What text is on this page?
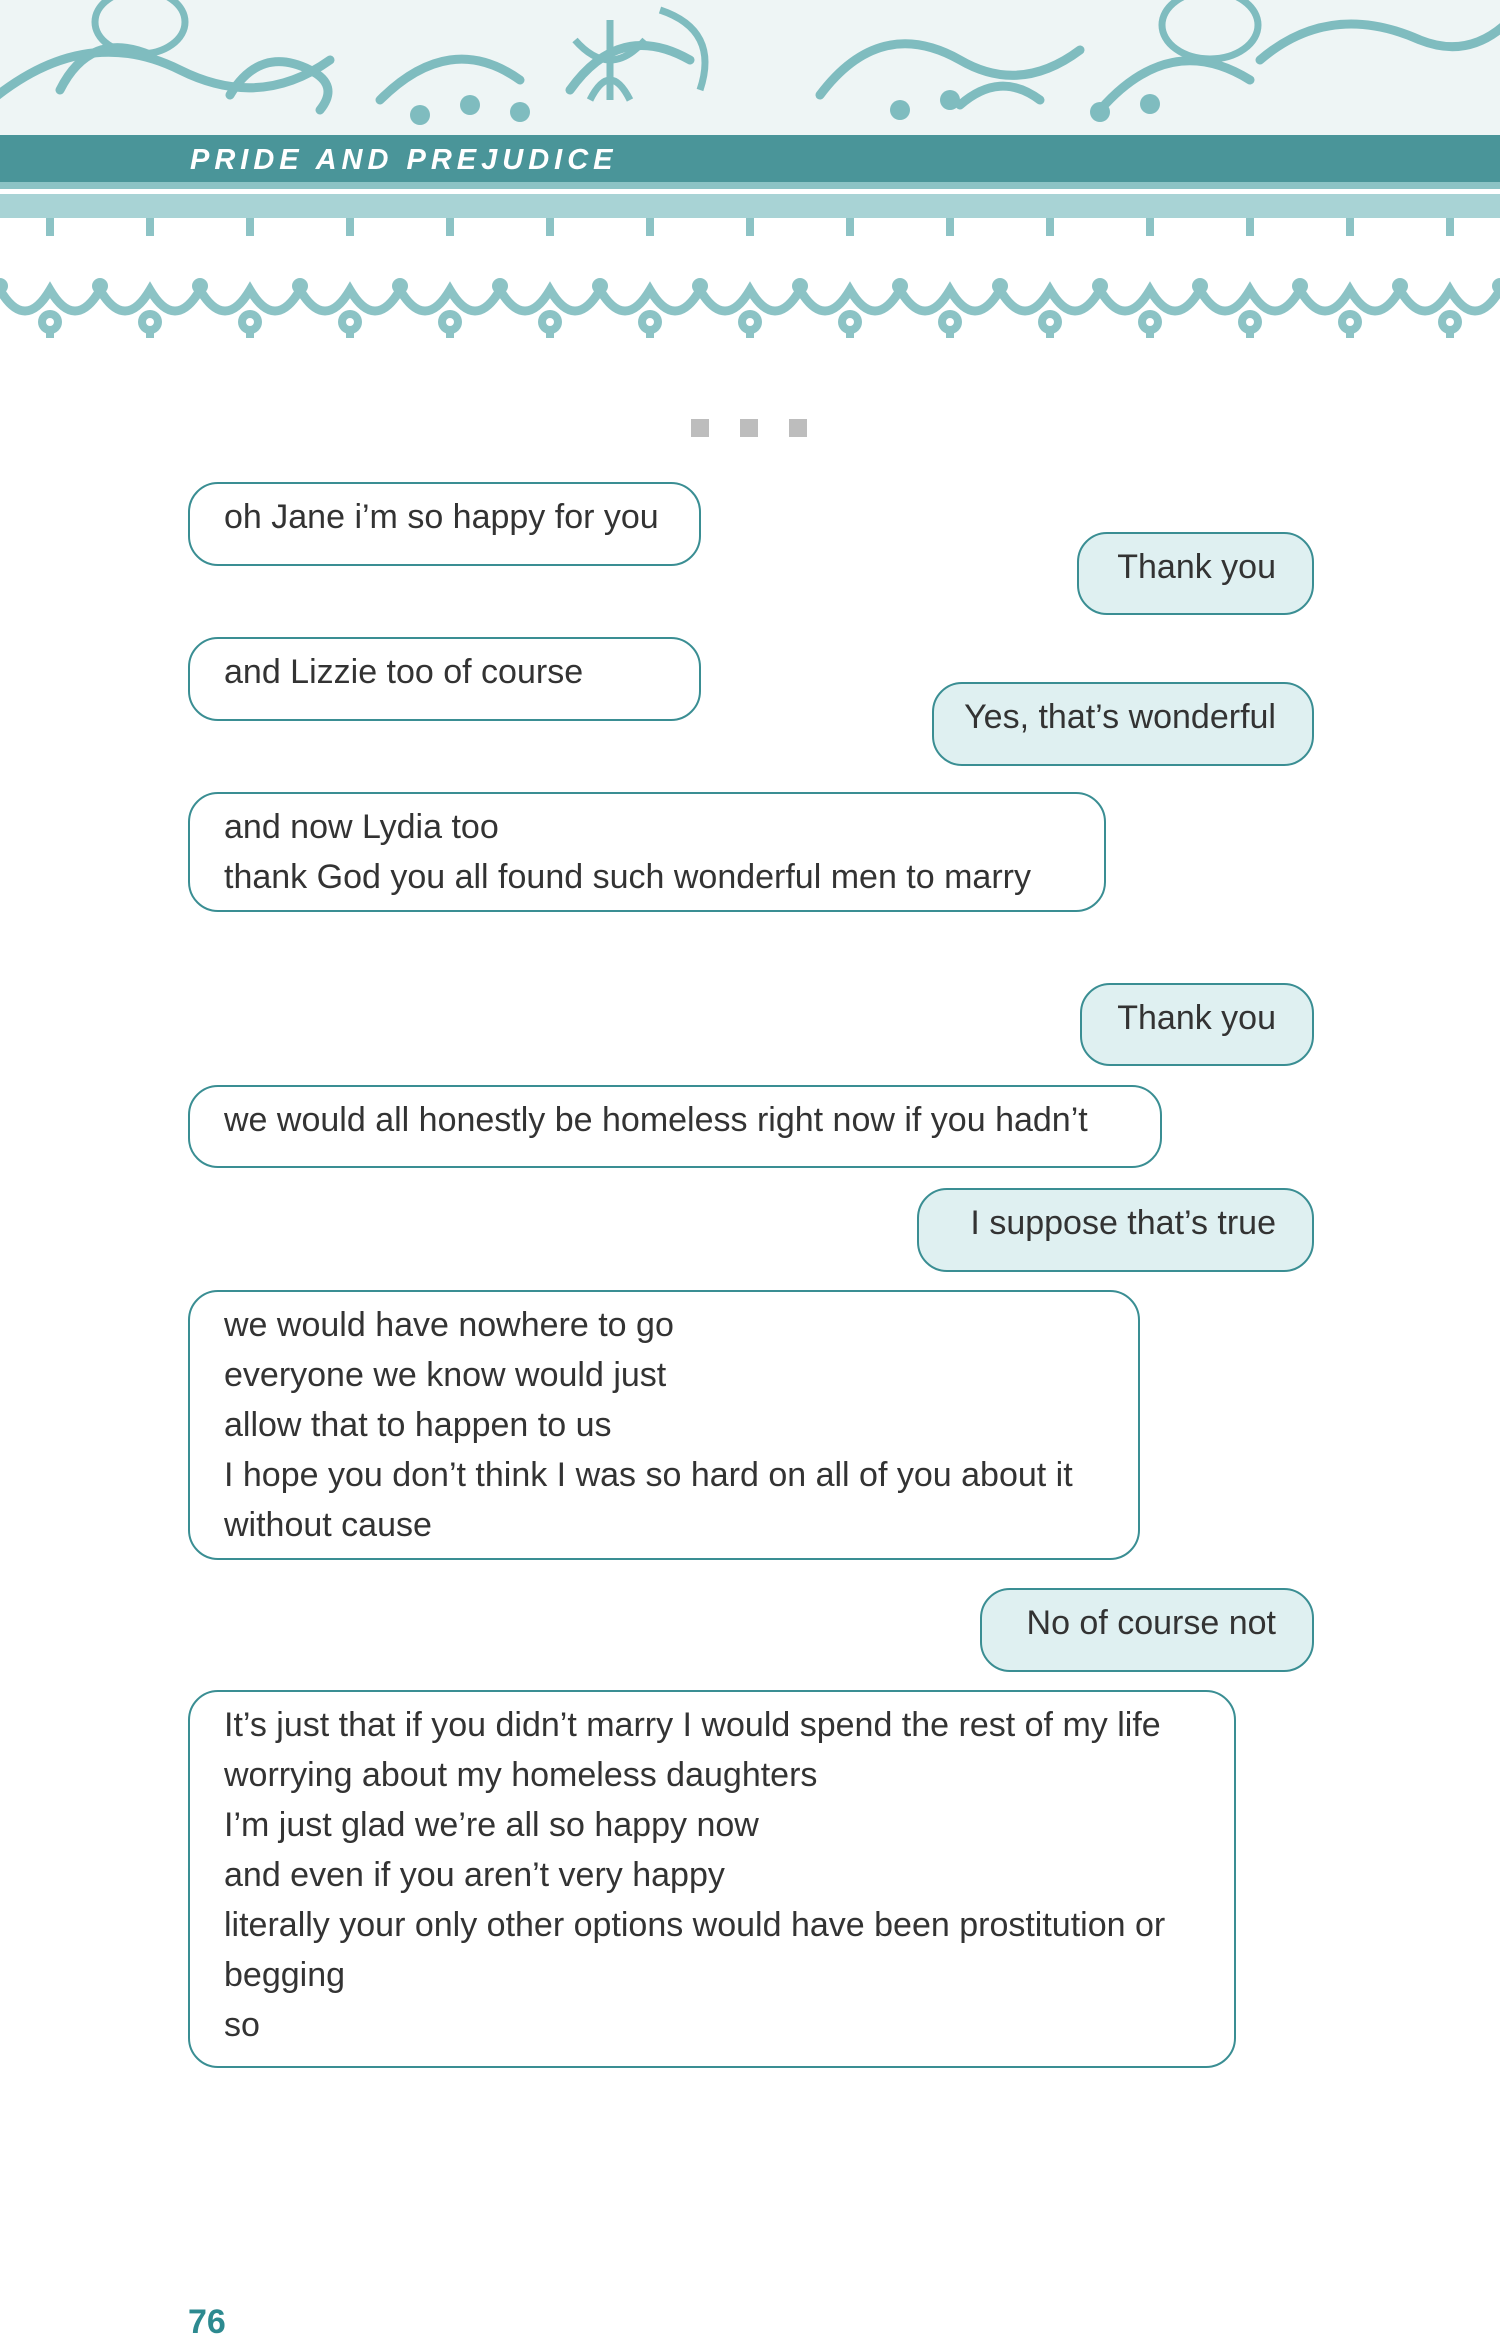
PRIDE AND PREJUDICE

oh Jane i’m so happy for you
Thank you
and Lizzie too of course
Yes, that’s wonderful
and now Lydia too
thank God you all found such wonderful men to marry
Thank you
we would all honestly be homeless right now if you hadn’t
I suppose that’s true
we would have nowhere to go
everyone we know would just
allow that to happen to us
I hope you don’t think I was so hard on all of you about it
without cause
No of course not
It’s just that if you didn’t marry I would spend the rest of my life
worrying about my homeless daughters
I’m just glad we’re all so happy now
and even if you aren’t very happy
literally your only other options would have been prostitution or
begging
so

76
